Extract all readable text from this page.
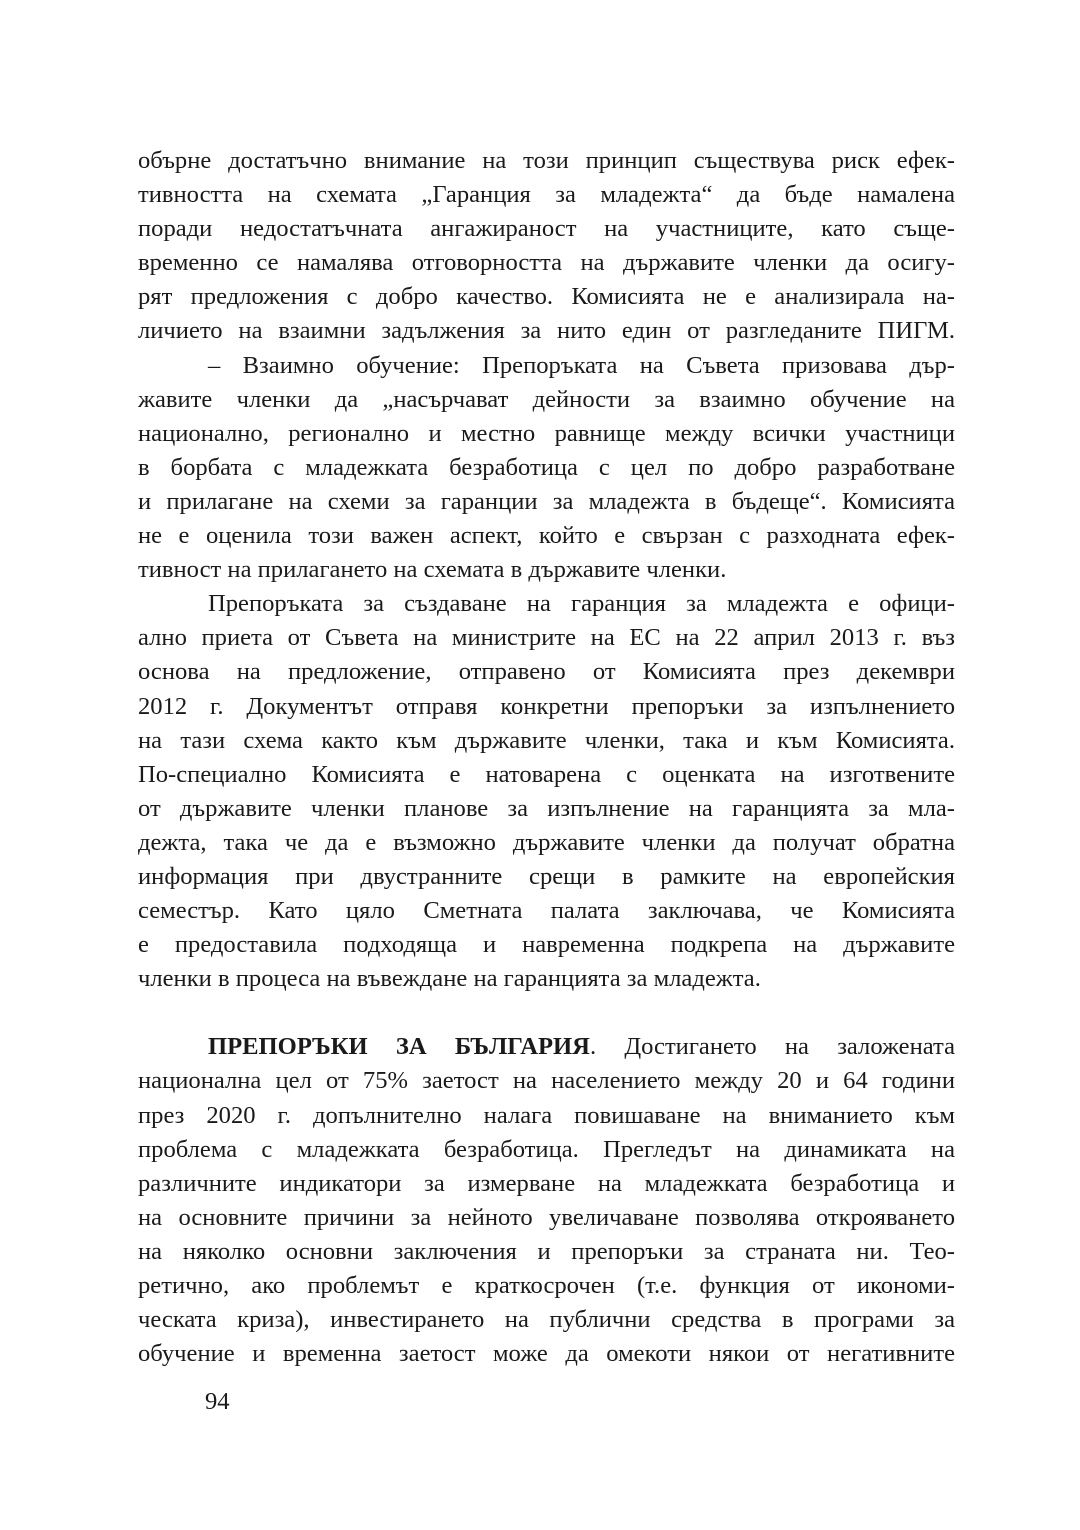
обърне достатъчно внимание на този принцип съществува риск ефек-
тивността на схемата „Гаранция за младежта“ да бъде намалена
поради недостатъчната ангажираност на участниците, като съще-
временно се намалява отговорността на държавите членки да осигу-
рят предложения с добро качество. Комисията не е анализирала на-
личието на взаимни задължения за нито един от разгледаните ПИГМ.
– Взаимно обучение: Препоръката на Съвета призовава дър-
жавите членки да „насърчават дейности за взаимно обучение на
национално, регионално и местно равнище между всички участници
в борбата с младежката безработица с цел по добро разработване
и прилагане на схеми за гаранции за младежта в бъдеще“. Комисията
не е оценила този важен аспект, който е свързан с разходната ефек-
тивност на прилагането на схемата в държавите членки.
Препоръката за създаване на гаранция за младежта е офици-
ално приета от Съвета на министрите на ЕС на 22 април 2013 г. въз
основа на предложение, отправено от Комисията през декември
2012 г. Документът отправя конкретни препоръки за изпълнението
на тази схема както към държавите членки, така и към Комисията.
По-специално Комисията е натоварена с оценката на изготвените
от държавите членки планове за изпълнение на гаранцията за мла-
дежта, така че да е възможно държавите членки да получат обратна
информация при двустранните срещи в рамките на европейския
семестър. Като цяло Сметната палата заключава, че Комисията
е предоставила подходяща и навременна подкрепа на държавите
членки в процеса на въвеждане на гаранцията за младежта.
ПРЕПОРЪКИ ЗА БЪЛГАРИЯ. Достигането на заложената
национална цел от 75% заетост на населението между 20 и 64 години
през 2020 г. допълнително налага повишаване на вниманието към
проблема с младежката безработица. Прегледът на динамиката на
различните индикатори за измерване на младежката безработица и
на основните причини за нейното увеличаване позволява открояването
на няколко основни заключения и препоръки за страната ни. Тео-
ретично, ако проблемът е краткосрочен (т.е. функция от икономи-
ческата криза), инвестирането на публични средства в програми за
обучение и временна заетост може да омекоти някои от негативните
94
